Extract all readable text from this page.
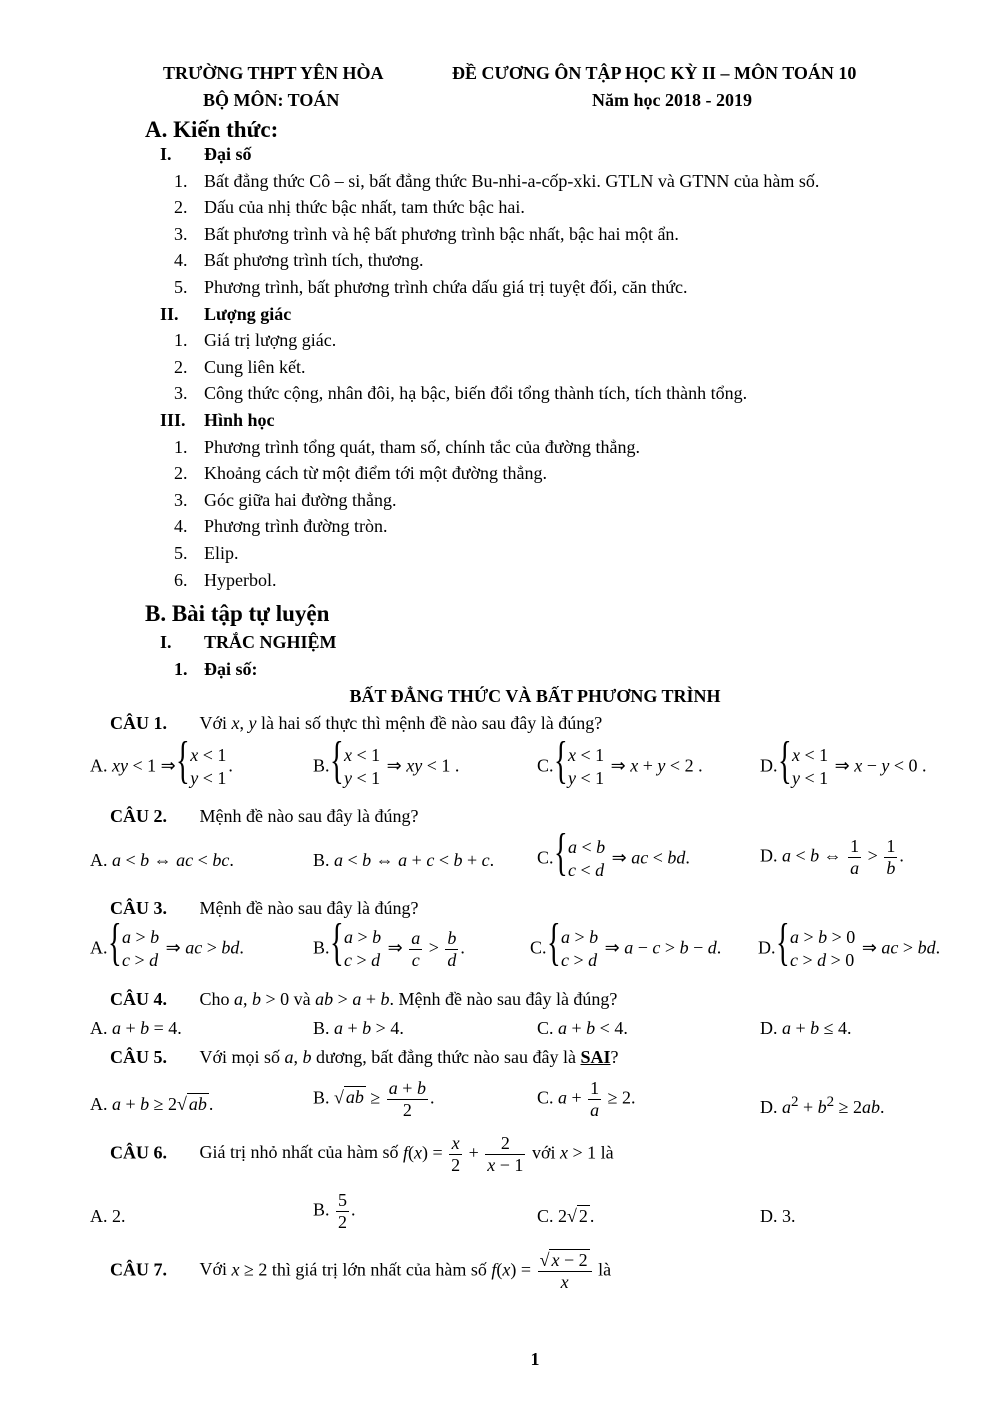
TRƯỜNG THPT YÊN HÒA
BỘ MÔN: TOÁN
ĐỀ CƯƠNG ÔN TẬP HỌC KỲ II – MÔN TOÁN 10
Năm học 2018 - 2019
A. Kiến thức:
I. Đại số
1. Bất đẳng thức Cô – si, bất đẳng thức Bu-nhi-a-cốp-xki. GTLN và GTNN của hàm số.
2. Dấu của nhị thức bậc nhất, tam thức bậc hai.
3. Bất phương trình và hệ bất phương trình bậc nhất, bậc hai một ẩn.
4. Bất phương trình tích, thương.
5. Phương trình, bất phương trình chứa dấu giá trị tuyệt đối, căn thức.
II. Lượng giác
1. Giá trị lượng giác.
2. Cung liên kết.
3. Công thức cộng, nhân đôi, hạ bậc, biến đổi tổng thành tích, tích thành tổng.
III. Hình học
1. Phương trình tổng quát, tham số, chính tắc của đường thẳng.
2. Khoảng cách từ một điểm tới một đường thẳng.
3. Góc giữa hai đường thẳng.
4. Phương trình đường tròn.
5. Elip.
6. Hyperbol.
B. Bài tập tự luyện
I. TRẮC NGHIỆM
1. Đại số:
BẤT ĐẲNG THỨC VÀ BẤT PHƯƠNG TRÌNH
CÂU 1. Với x, y là hai số thực thì mệnh đề nào sau đây là đúng?
A. xy < 1 ⇒
{ x < 1
y < 1
.	B.
{ x < 1
y < 1
⇒ xy < 1 .	C.
{ x < 1
y < 1
⇒ x + y < 2 .	D.
{ x < 1
y < 1
⇒ x − y < 0 .
CÂU 2. Mệnh đề nào sau đây là đúng?
A. a < b ⇔ ac < bc.	B. a < b ⇔ a + c < b + c. C.
{ a < b
c < d
⇒ ac < bd.	D. a < b ⇔ $\frac{1}{a} > \frac{1}{b}$ .
CÂU 3. Mệnh đề nào sau đây là đúng?
A.
{ a > b
c > d
⇒ ac > bd.	B.
{ a > b
c > d
⇒ $\frac{a}{c} > \frac{b}{d}$ .	C.
{ a > b
c > d
⇒ a − c > b − d. D.
{ a > b > 0
c > d > 0
⇒ ac > bd.
CÂU 4. Cho a, b > 0 và ab > a + b. Mệnh đề nào sau đây là đúng?
A. a + b = 4.	B. a + b > 4.	C. a + b < 4.	D. a + b ≤ 4.
CÂU 5. Với mọi số a, b dương, bất đẳng thức nào sau đây là SAI?
A. a + b ≥ 2√ ab .	B. √ ab ≥ $\frac{a + b}{2}$ .	C. $a + \frac{1}{a} \ge 2$.	D. $a^2 + b^2 \ge 2ab$.
CÂU 6. Giá trị nhỏ nhất của hàm số $f(x) = \frac{x}{2} + \frac{2}{x - 1}$ với x > 1 là
A. 2.	B. $\frac{5}{2}$ .	C. 2√ 2 .	D. 3.
CÂU 7. Với x ≥ 2 thì giá trị lớn nhất của hàm số $f(x) = \frac{√ x - 2}{x}$ là
1
